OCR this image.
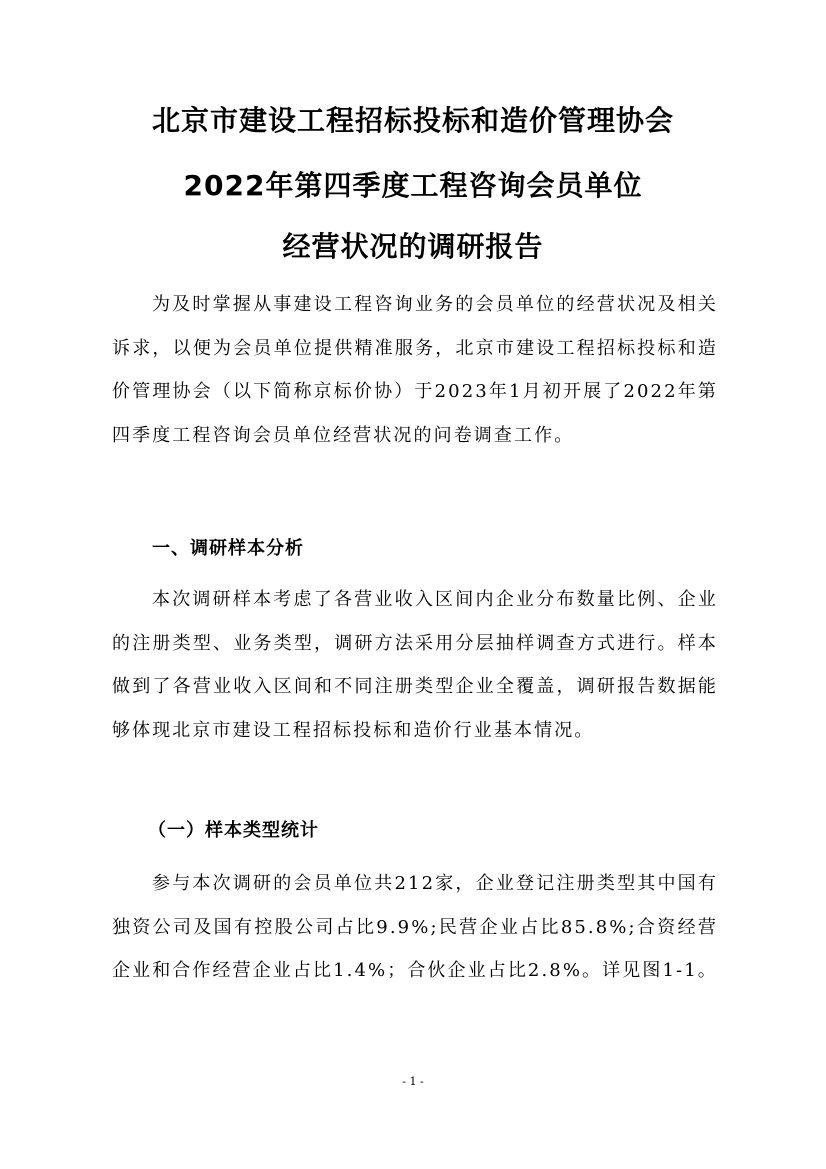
北京市建设工程招标投标和造价管理协会
2022年第四季度工程咨询会员单位
经营状况的调研报告

为及时掌握从事建设工程咨询业务的会员单位的经营状况及相关诉求，以便为会员单位提供精准服务，北京市建设工程招标投标和造价管理协会（以下简称京标价协）于2023年1月初开展了2022年第四季度工程咨询会员单位经营状况的问卷调查工作。

一、调研样本分析

本次调研样本考虑了各营业收入区间内企业分布数量比例、企业的注册类型、业务类型，调研方法采用分层抽样调查方式进行。样本做到了各营业收入区间和不同注册类型企业全覆盖，调研报告数据能够体现北京市建设工程招标投标和造价行业基本情况。

（一）样本类型统计

参与本次调研的会员单位共212家，企业登记注册类型其中国有独资公司及国有控股公司占比9.9%;民营企业占比85.8%;合资经营企业和合作经营企业占比1.4%；合伙企业占比2.8%。详见图1-1。

- 1 -
